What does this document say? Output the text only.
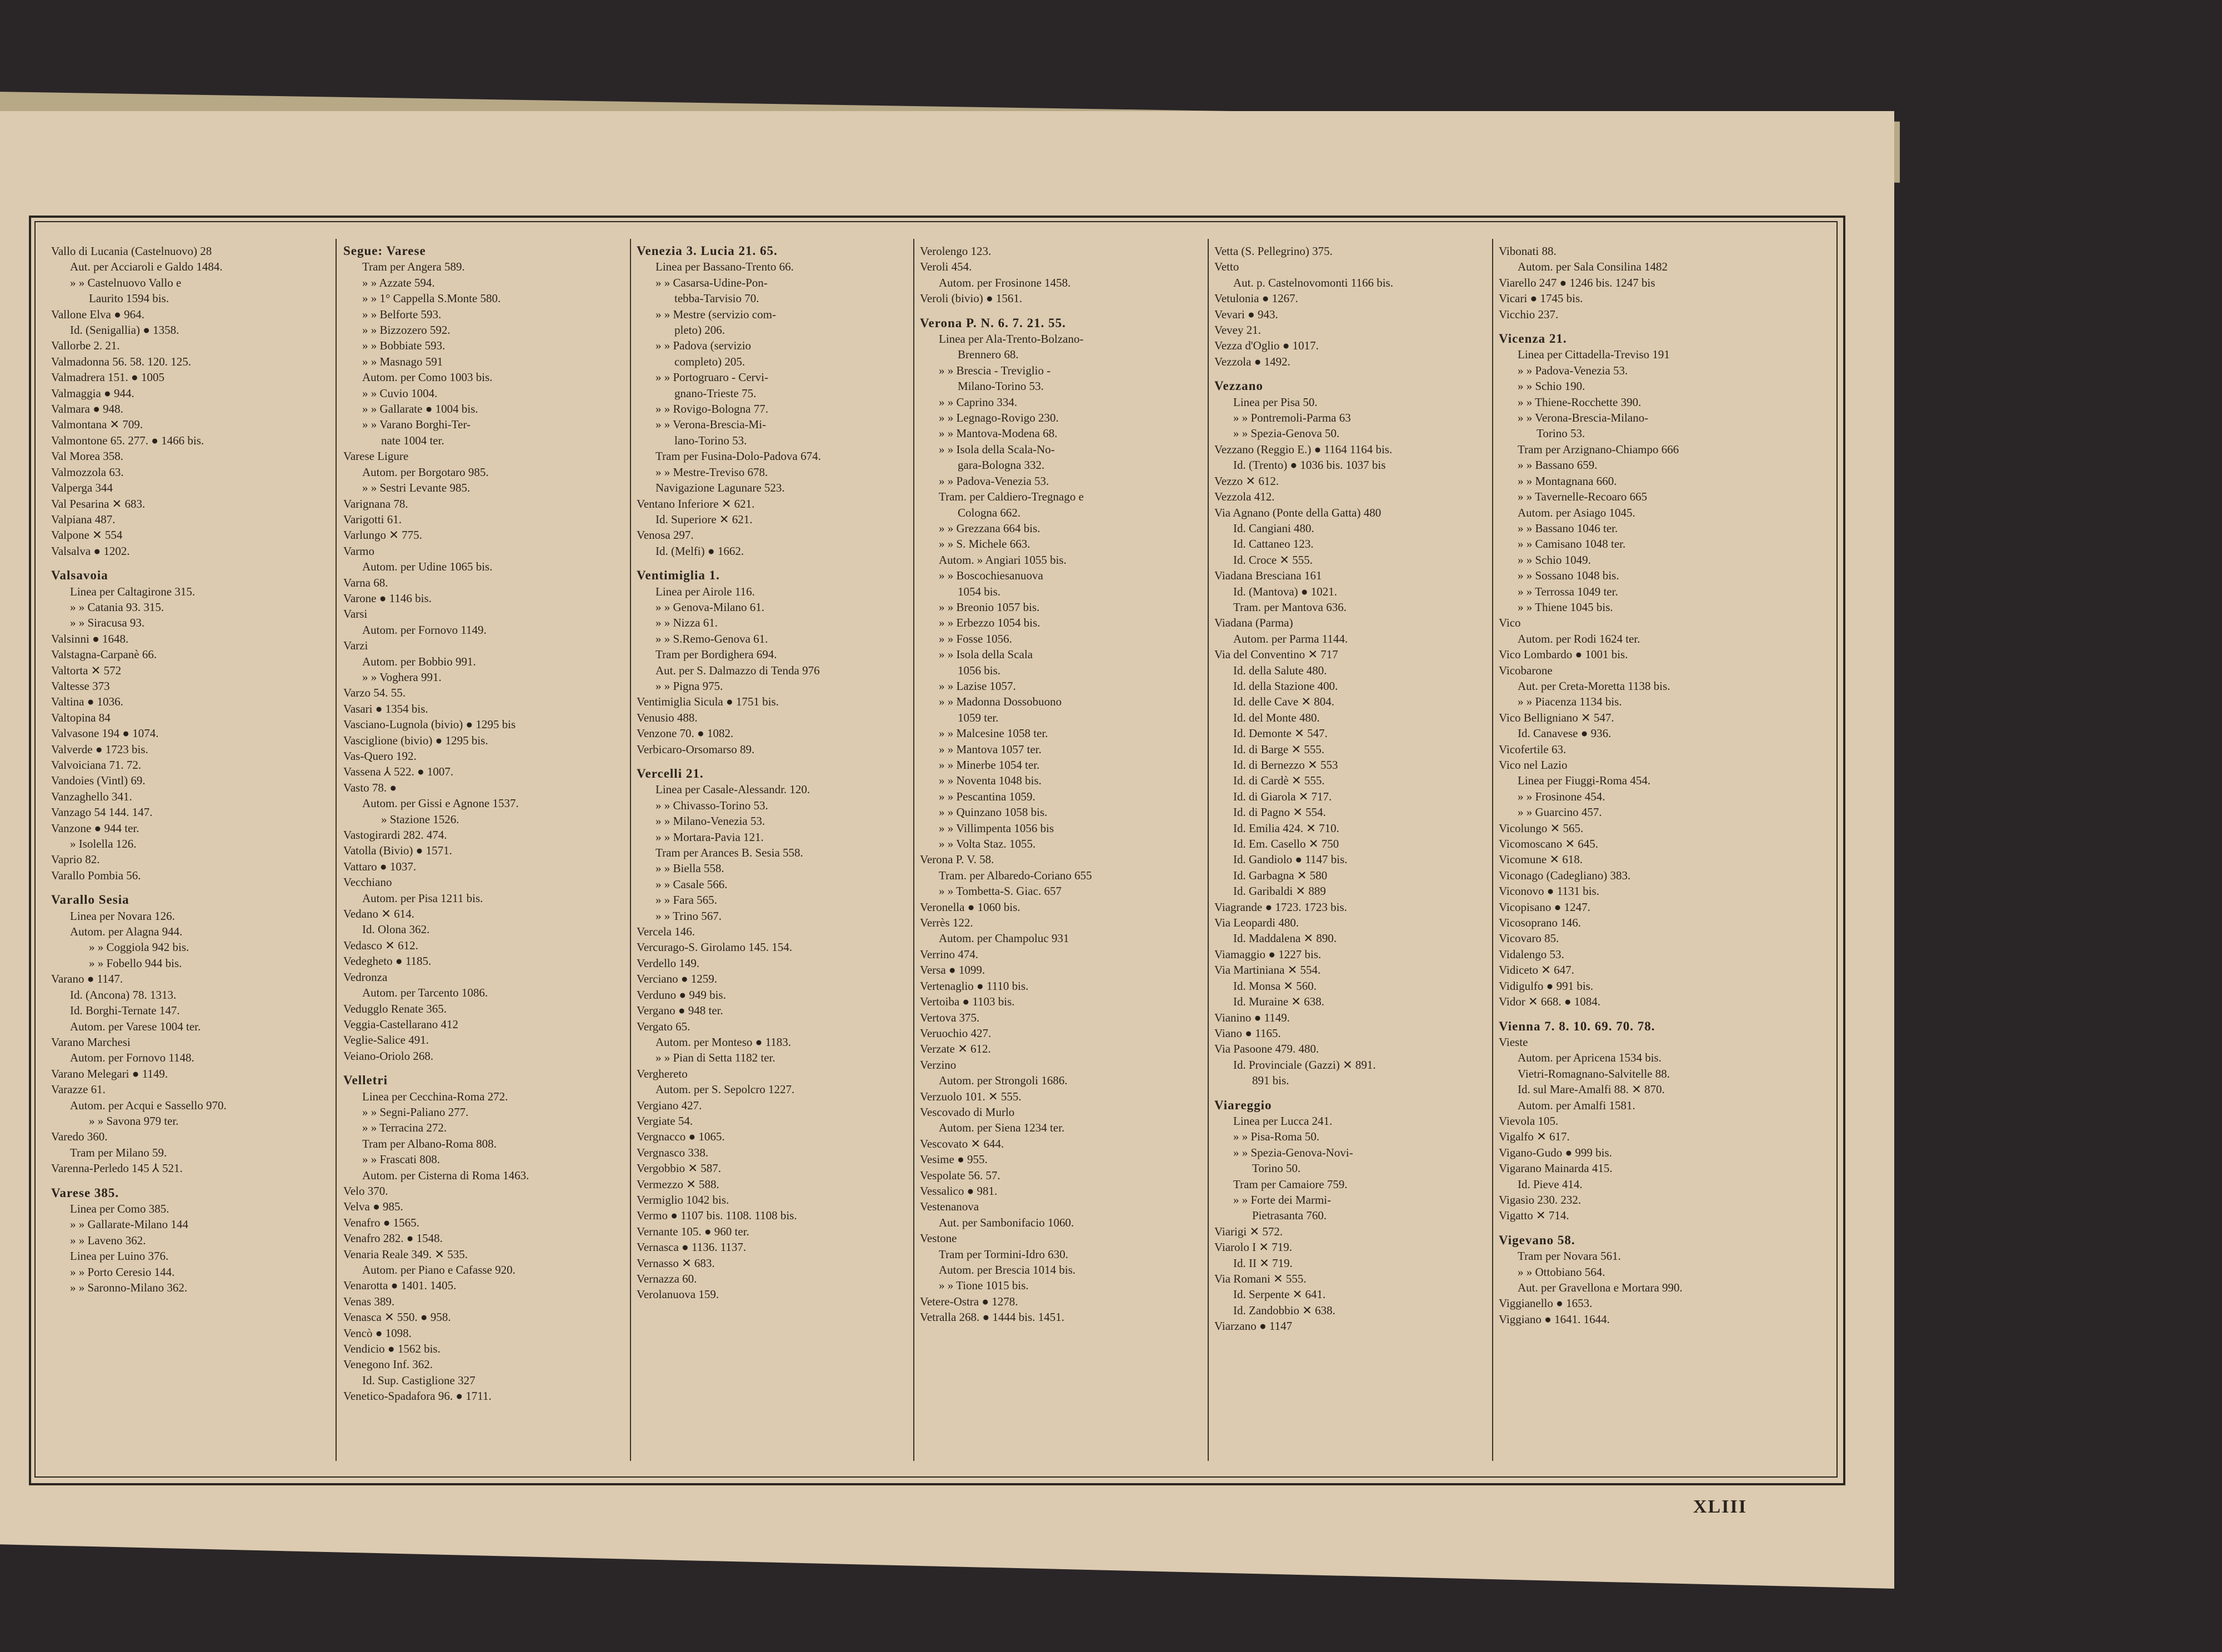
Vallo di Lucania (Castelnuovo) 28
Aut. per Acciaroli e Galdo 1484.
» » Castelnuovo Vallo e
Laurito 1594 bis.
Vallone Elva ● 964.
Id. (Senigallia) ● 1358.
Vallorbe 2. 21.
Valmadonna 56. 58. 120. 125.
Valmadrera 151. ● 1005
Valmaggia ● 944.
Valmara ● 948.
Valmontana ✕ 709.
Valmontone 65. 277. ● 1466 bis.
Val Morea 358.
Valmozzola 63.
Valperga 344
Val Pesarina ✕ 683.
Valpiana 487.
Valpone ✕ 554
Valsalva ● 1202.
Valsavoia
Linea per Caltagirone 315.
» » Catania 93. 315.
» » Siracusa 93.
Valsinni ● 1648.
Valstagna-Carpanè 66.
Valtorta ✕ 572
Valtesse 373
Valtina ● 1036.
Valtopina 84
Valvasone 194 ● 1074.
Valverde ● 1723 bis.
Valvoiciana 71. 72.
Vandoies (Vintl) 69.
Vanzaghello 341.
Vanzago 54 144. 147.
Vanzone ● 944 ter.
» Isolella 126.
Vaprio 82.
Varallo Pombia 56.
Varallo Sesia
Linea per Novara 126.
Autom. per Alagna 944.
» » Coggiola 942 bis.
» » Fobello 944 bis.
Varano ● 1147.
Id. (Ancona) 78. 1313.
Id. Borghi-Ternate 147.
Autom. per Varese 1004 ter.
Varano Marchesi
Autom. per Fornovo 1148.
Varano Melegari ● 1149.
Varazze 61.
Autom. per Acqui e Sassello 970.
» » Savona 979 ter.
Varedo 360.
Tram per Milano 59.
Varenna-Perledo 145 ⅄ 521.
Varese 385.
Linea per Como 385.
» » Gallarate-Milano 144
» » Laveno 362.
Linea per Luino 376.
» » Porto Ceresio 144.
» » Saronno-Milano 362.
Segue: Varese
Tram per Angera 589.
» » Azzate 594.
» » 1° Cappella S.Monte 580.
» » Belforte 593.
» » Bizzozero 592.
» » Bobbiate 593.
» » Masnago 591
Autom. per Como 1003 bis.
» » Cuvio 1004.
» » Gallarate ● 1004 bis.
» » Varano Borghi-Ter-
nate 1004 ter.
Varese Ligure
Autom. per Borgotaro 985.
» » Sestri Levante 985.
Varignana 78.
Varigotti 61.
Varlungo ✕ 775.
Varmo
Autom. per Udine 1065 bis.
Varna 68.
Varone ● 1146 bis.
Varsi
Autom. per Fornovo 1149.
Varzi
Autom. per Bobbio 991.
» » Voghera 991.
Varzo 54. 55.
Vasari ● 1354 bis.
Vasciano-Lugnola (bivio) ● 1295 bis
Vasciglione (bivio) ● 1295 bis.
Vas-Quero 192.
Vassena ⅄ 522. ● 1007.
Vasto 78. ●
Autom. per Gissi e Agnone 1537.
» Stazione 1526.
Vastogirardi 282. 474.
Vatolla (Bivio) ● 1571.
Vattaro ● 1037.
Vecchiano
Autom. per Pisa 1211 bis.
Vedano ✕ 614.
Id. Olona 362.
Vedasco ✕ 612.
Vedegheto ● 1185.
Vedronza
Autom. per Tarcento 1086.
Vedugglo Renate 365.
Veggia-Castellarano 412
Veglie-Salice 491.
Veiano-Oriolo 268.
Velletri
Linea per Cecchina-Roma 272.
» » Segni-Paliano 277.
» » Terracina 272.
Tram per Albano-Roma 808.
» » Frascati 808.
Autom. per Cisterna di Roma 1463.
Velo 370.
Velva ● 985.
Venafro ● 1565.
Venafro 282. ● 1548.
Venaria Reale 349. ✕ 535.
Autom. per Piano e Cafasse 920.
Venarotta ● 1401. 1405.
Venas 389.
Venasca ✕ 550. ● 958.
Vencò ● 1098.
Vendicio ● 1562 bis.
Venegono Inf. 362.
Id. Sup. Castiglione 327
Venetico-Spadafora 96. ● 1711.
Venezia 3. Lucia 21. 65.
Linea per Bassano-Trento 66.
» » Casarsa-Udine-Pon-
tebba-Tarvisio 70.
» » Mestre (servizio com-
pleto) 206.
» » Padova (servizio
completo) 205.
» » Portogruaro - Cervi-
gnano-Trieste 75.
» » Rovigo-Bologna 77.
» » Verona-Brescia-Mi-
lano-Torino 53.
Tram per Fusina-Dolo-Padova 674.
» » Mestre-Treviso 678.
Navigazione Lagunare 523.
Ventano Inferiore ✕ 621.
Id. Superiore ✕ 621.
Venosa 297.
Id. (Melfi) ● 1662.
Ventimiglia 1.
Linea per Airole 116.
» » Genova-Milano 61.
» » Nizza 61.
» » S.Remo-Genova 61.
Tram per Bordighera 694.
Aut. per S. Dalmazzo di Tenda 976
» » Pigna 975.
Ventimiglia Sicula ● 1751 bis.
Venusio 488.
Venzone 70. ● 1082.
Verbicaro-Orsomarso 89.
Vercelli 21.
Linea per Casale-Alessandr. 120.
» » Chivasso-Torino 53.
» » Milano-Venezia 53.
» » Mortara-Pavia 121.
Tram per Arances B. Sesia 558.
» » Biella 558.
» » Casale 566.
» » Fara 565.
» » Trino 567.
Vercela 146.
Vercurago-S. Girolamo 145. 154.
Verdello 149.
Verciano ● 1259.
Verduno ● 949 bis.
Vergano ● 948 ter.
Vergato 65.
Autom. per Monteso ● 1183.
» » Pian di Setta 1182 ter.
Verghereto
Autom. per S. Sepolcro 1227.
Vergiano 427.
Vergiate 54.
Vergnacco ● 1065.
Vergnasco 338.
Vergobbio ✕ 587.
Vermezzo ✕ 588.
Vermiglio 1042 bis.
Vermo ● 1107 bis. 1108. 1108 bis.
Vernante 105. ● 960 ter.
Vernasca ● 1136. 1137.
Vernasso ✕ 683.
Vernazza 60.
Verolanuova 159.
Verolengo 123.
Veroli 454.
Autom. per Frosinone 1458.
Veroli (bivio) ● 1561.
Verona P. N. 6. 7. 21. 55.
Linea per Ala-Trento-Bolzano-
Brennero 68.
» » Brescia - Treviglio -
Milano-Torino 53.
» » Caprino 334.
» » Legnago-Rovigo 230.
» » Mantova-Modena 68.
» » Isola della Scala-No-
gara-Bologna 332.
» » Padova-Venezia 53.
Tram. per Caldiero-Tregnago e
Cologna 662.
» » Grezzana 664 bis.
» » S. Michele 663.
Autom. » Angiari 1055 bis.
» » Boscochiesanuova
1054 bis.
» » Breonio 1057 bis.
» » Erbezzo 1054 bis.
» » Fosse 1056.
» » Isola della Scala
1056 bis.
» » Lazise 1057.
» » Madonna Dossobuono
1059 ter.
» » Malcesine 1058 ter.
» » Mantova 1057 ter.
» » Minerbe 1054 ter.
» » Noventa 1048 bis.
» » Pescantina 1059.
» » Quinzano 1058 bis.
» » Villimpenta 1056 bis
» » Volta Staz. 1055.
Verona P. V. 58.
Tram. per Albaredo-Coriano 655
» » Tombetta-S. Giac. 657
Veronella ● 1060 bis.
Verrès 122.
Autom. per Champoluc 931
Verrino 474.
Versa ● 1099.
Vertenaglio ● 1110 bis.
Vertoiba ● 1103 bis.
Vertova 375.
Veruochio 427.
Verzate ✕ 612.
Verzino
Autom. per Strongoli 1686.
Verzuolo 101. ✕ 555.
Vescovado di Murlo
Autom. per Siena 1234 ter.
Vescovato ✕ 644.
Vesime ● 955.
Vespolate 56. 57.
Vessalico ● 981.
Vestenanova
Aut. per Sambonifacio 1060.
Vestone
Tram per Tormini-Idro 630.
Autom. per Brescia 1014 bis.
» » Tione 1015 bis.
Vetere-Ostra ● 1278.
Vetralla 268. ● 1444 bis. 1451.
Vetta (S. Pellegrino) 375.
Vetto
Aut. p. Castelnovomonti 1166 bis.
Vetulonia ● 1267.
Vevari ● 943.
Vevey 21.
Vezza d'Oglio ● 1017.
Vezzola ● 1492.
Vezzano
Linea per Pisa 50.
» » Pontremoli-Parma 63
» » Spezia-Genova 50.
Vezzano (Reggio E.) ● 1164 1164 bis.
Id. (Trento) ● 1036 bis. 1037 bis
Vezzo ✕ 612.
Vezzola 412.
Via Agnano (Ponte della Gatta) 480
Id. Cangiani 480.
Id. Cattaneo 123.
Id. Croce ✕ 555.
Viadana Bresciana 161
Id. (Mantova) ● 1021.
Tram. per Mantova 636.
Viadana (Parma)
Autom. per Parma 1144.
Via del Conventino ✕ 717
Id. della Salute 480.
Id. della Stazione 400.
Id. delle Cave ✕ 804.
Id. del Monte 480.
Id. Demonte ✕ 547.
Id. di Barge ✕ 555.
Id. di Bernezzo ✕ 553
Id. di Cardè ✕ 555.
Id. di Giarola ✕ 717.
Id. di Pagno ✕ 554.
Id. Emilia 424. ✕ 710.
Id. Em. Casello ✕ 750
Id. Gandiolo ● 1147 bis.
Id. Garbagna ✕ 580
Id. Garibaldi ✕ 889
Viagrande ● 1723. 1723 bis.
Via Leopardi 480.
Id. Maddalena ✕ 890.
Viamaggio ● 1227 bis.
Via Martiniana ✕ 554.
Id. Monsa ✕ 560.
Id. Muraine ✕ 638.
Vianino ● 1149.
Viano ● 1165.
Via Pasoone 479. 480.
Id. Provinciale (Gazzi) ✕ 891.
891 bis.
Viareggio
Linea per Lucca 241.
» » Pisa-Roma 50.
» » Spezia-Genova-Novi-
Torino 50.
Tram per Camaiore 759.
» » Forte dei Marmi-
Pietrasanta 760.
Viarigi ✕ 572.
Viarolo I ✕ 719.
Id. II ✕ 719.
Via Romani ✕ 555.
Id. Serpente ✕ 641.
Id. Zandobbio ✕ 638.
Viarzano ● 1147
Vibonati 88.
Autom. per Sala Consilina 1482
Viarello 247 ● 1246 bis. 1247 bis
Vicari ● 1745 bis.
Vicchio 237.
Vicenza 21.
Linea per Cittadella-Treviso 191
» » Padova-Venezia 53.
» » Schio 190.
» » Thiene-Rocchette 390.
» » Verona-Brescia-Milano-
Torino 53.
Tram per Arzignano-Chiampo 666
» » Bassano 659.
» » Montagnana 660.
» » Tavernelle-Recoaro 665
Autom. per Asiago 1045.
» » Bassano 1046 ter.
» » Camisano 1048 ter.
» » Schio 1049.
» » Sossano 1048 bis.
» » Terrossa 1049 ter.
» » Thiene 1045 bis.
Vico
Autom. per Rodi 1624 ter.
Vico Lombardo ● 1001 bis.
Vicobarone
Aut. per Creta-Moretta 1138 bis.
» » Piacenza 1134 bis.
Vico Belligniano ✕ 547.
Id. Canavese ● 936.
Vicofertile 63.
Vico nel Lazio
Linea per Fiuggi-Roma 454.
» » Frosinone 454.
» » Guarcino 457.
Vicolungo ✕ 565.
Vicomoscano ✕ 645.
Vicomune ✕ 618.
Viconago (Cadegliano) 383.
Viconovo ● 1131 bis.
Vicopisano ● 1247.
Vicosoprano 146.
Vicovaro 85.
Vidalengo 53.
Vidiceto ✕ 647.
Vidigulfo ● 991 bis.
Vidor ✕ 668. ● 1084.
Vienna 7. 8. 10. 69. 70. 78.
Vieste
Autom. per Apricena 1534 bis.
Vietri-Romagnano-Salvitelle 88.
Id. sul Mare-Amalfi 88. ✕ 870.
Autom. per Amalfi 1581.
Vievola 105.
Vigalfo ✕ 617.
Vigano-Gudo ● 999 bis.
Vigarano Mainarda 415.
Id. Pieve 414.
Vigasio 230. 232.
Vigatto ✕ 714.
Vigevano 58.
Tram per Novara 561.
» » Ottobiano 564.
Aut. per Gravellona e Mortara 990.
Viggianello ● 1653.
Viggiano ● 1641. 1644.
XLIII
